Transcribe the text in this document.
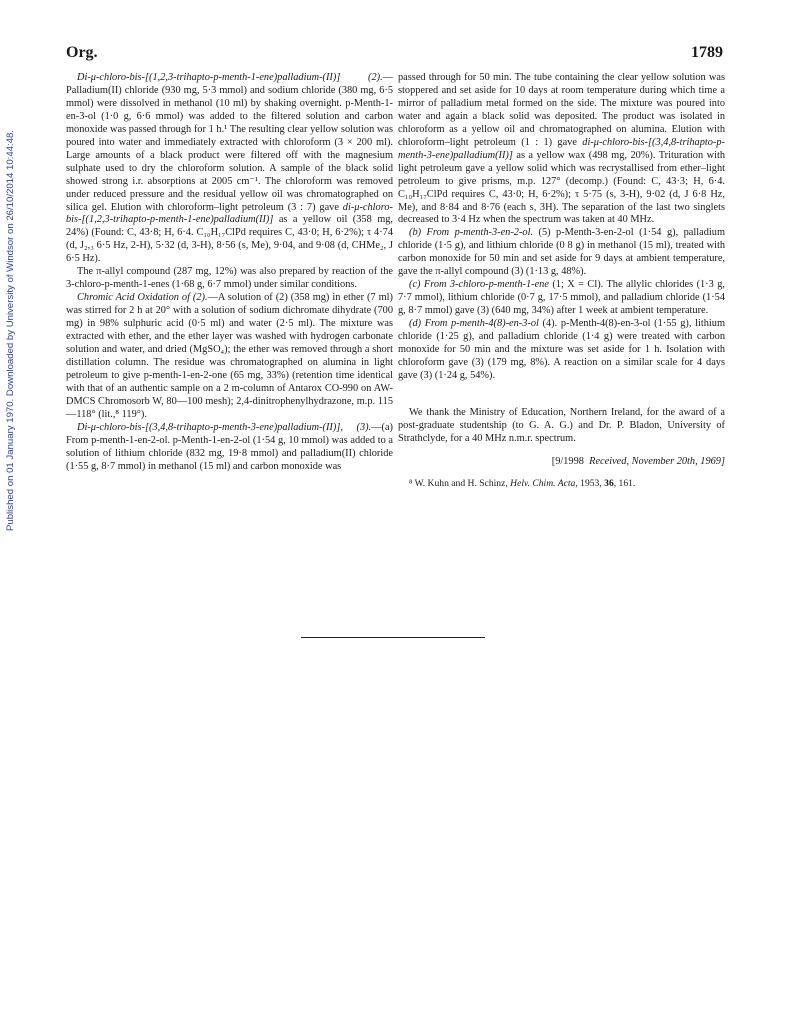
Published on 01 January 1970. Downloaded by University of Windsor on 26/10/2014 10:44:48.
Org.	1789

Di-μ-chloro-bis-[(1,2,3-trihapto-p-menth-1-ene)palladium-(II)] (2).—Palladium(II) chloride (930 mg, 5·3 mmol) and sodium chloride (380 mg, 6·5 mmol) were dissolved in methanol (10 ml) by shaking overnight. p-Menth-1-en-3-ol (1·0 g, 6·6 mmol) was added to the filtered solution and carbon monoxide was passed through for 1 h.¹ The resulting clear yellow solution was poured into water and immediately extracted with chloroform (3 × 200 ml). Large amounts of a black product were filtered off with the magnesium sulphate used to dry the chloroform solution. A sample of the black solid showed strong i.r. absorptions at 2005 cm⁻¹. The chloroform was removed under reduced pressure and the residual yellow oil was chromatographed on silica gel. Elution with chloroform–light petroleum (3 : 7) gave di-μ-chloro-bis-[(1,2,3-trihapto-p-menth-1-ene)palladium(II)] as a yellow oil (358 mg, 24%) (Found: C, 43·8; H, 6·4. C₁₀H₁₇ClPd requires C, 43·0; H, 6·2%); τ 4·74 (d, J₂,₃ 6·5 Hz, 2-H), 5·32 (d, 3-H), 8·56 (s, Me), 9·04, and 9·08 (d, CHMe₂, J 6·5 Hz).

The π-allyl compound (287 mg, 12%) was also prepared by reaction of the 3-chloro-p-menth-1-enes (1·68 g, 6·7 mmol) under similar conditions.

Chromic Acid Oxidation of (2).—A solution of (2) (358 mg) in ether (7 ml) was stirred for 2 h at 20° with a solution of sodium dichromate dihydrate (700 mg) in 98% sulphuric acid (0·5 ml) and water (2·5 ml). The mixture was extracted with ether, and the ether layer was washed with hydrogen carbonate solution and water, and dried (MgSO₄); the ether was removed through a short distillation column. The residue was chromatographed on alumina in light petroleum to give p-menth-1-en-2-one (65 mg, 33%) (retention time identical with that of an authentic sample on a 2 m-column of Antarox CO-990 on AW-DMCS Chromosorb W, 80—100 mesh); 2,4-dinitrophenylhydrazone, m.p. 115—118° (lit.,⁸ 119°).

Di-μ-chloro-bis-[(3,4,8-trihapto-p-menth-3-ene)palladium-(II)], (3).—(a) From p-menth-1-en-2-ol. p-Menth-1-en-2-ol (1·54 g, 10 mmol) was added to a solution of lithium chloride (832 mg, 19·8 mmol) and palladium(II) chloride (1·55 g, 8·7 mmol) in methanol (15 ml) and carbon monoxide was

passed through for 50 min. The tube containing the clear yellow solution was stoppered and set aside for 10 days at room temperature during which time a mirror of palladium metal formed on the side. The mixture was poured into water and again a black solid was deposited. The product was isolated in chloroform as a yellow oil and chromatographed on alumina. Elution with chloroform–light petroleum (1 : 1) gave di-μ-chloro-bis-[(3,4,8-trihapto-p-menth-3-ene)palladium(II)] as a yellow wax (498 mg, 20%). Trituration with light petroleum gave a yellow solid which was recrystallised from ether–light petroleum to give prisms, m.p. 127° (decomp.) (Found: C, 43·3; H, 6·4. C₁₀H₁₇ClPd requires C, 43·0; H, 6·2%); τ 5·75 (s, 3-H), 9·02 (d, J 6·8 Hz, Me), and 8·84 and 8·76 (each s, 3H). The separation of the last two singlets decreased to 3·4 Hz when the spectrum was taken at 40 MHz.

(b) From p-menth-3-en-2-ol. (5) p-Menth-3-en-2-ol (1·54 g), palladium chloride (1·5 g), and lithium chloride (0 8 g) in methanol (15 ml), treated with carbon monoxide for 50 min and set aside for 9 days at ambient temperature, gave the π-allyl compound (3) (1·13 g, 48%).

(c) From 3-chloro-p-menth-1-ene (1; X = Cl). The allylic chlorides (1·3 g, 7·7 mmol), lithium chloride (0·7 g, 17·5 mmol), and palladium chloride (1·54 g, 8·7 mmol) gave (3) (640 mg, 34%) after 1 week at ambient temperature.

(d) From p-menth-4(8)-en-3-ol (4). p-Menth-4(8)-en-3-ol (1·55 g), lithium chloride (1·25 g), and palladium chloride (1·4 g) were treated with carbon monoxide for 50 min and the mixture was set aside for 1 h. Isolation with chloroform gave (3) (179 mg, 8%). A reaction on a similar scale for 4 days gave (3) (1·24 g, 54%).

We thank the Ministry of Education, Northern Ireland, for the award of a post-graduate studentship (to G. A. G.) and Dr. P. Bladon, University of Strathclyde, for a 40 MHz n.m.r. spectrum.

[9/1998 Received, November 20th, 1969]
⁸ W. Kuhn and H. Schinz, Helv. Chim. Acta, 1953, 36, 161.
